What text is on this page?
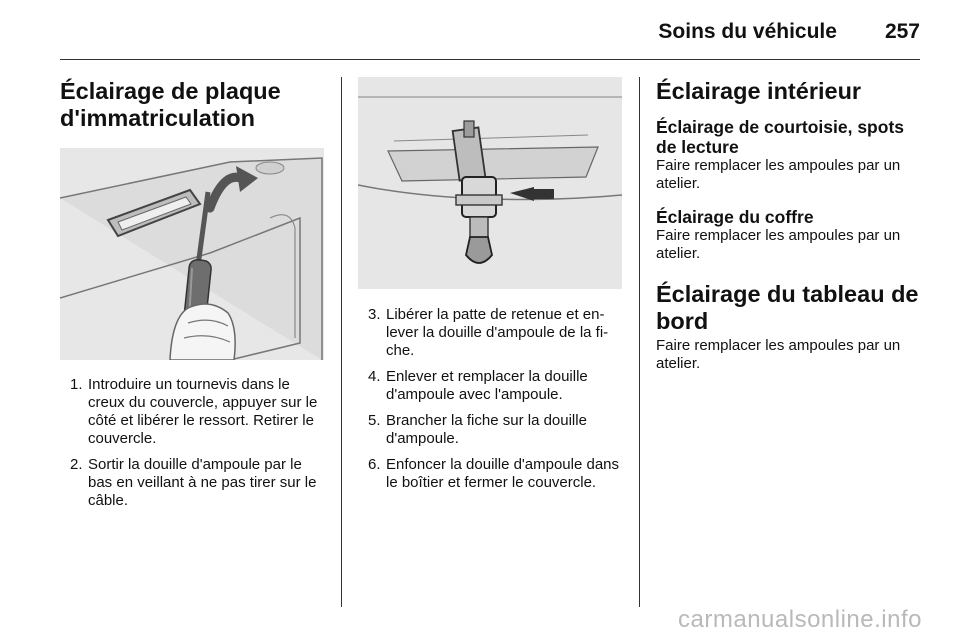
Soins du véhicule 257
Éclairage de plaque d'immatriculation
1. Introduire un tournevis dans le creux du couvercle, appuyer sur le côté et libérer le ressort. Retirer le couvercle.
2. Sortir la douille d'ampoule par le bas en veillant à ne pas tirer sur le câble.
3. Libérer la patte de retenue et enlever la douille d'ampoule de la fiche.
4. Enlever et remplacer la douille d'ampoule avec l'ampoule.
5. Brancher la fiche sur la douille d'ampoule.
6. Enfoncer la douille d'ampoule dans le boîtier et fermer le couvercle.
Éclairage intérieur
Éclairage de courtoisie, spots de lecture

Faire remplacer les ampoules par un atelier.

Éclairage du coffre

Faire remplacer les ampoules par un atelier.

Éclairage du tableau de bord

Faire remplacer les ampoules par un atelier.

carmanualsonline.info
